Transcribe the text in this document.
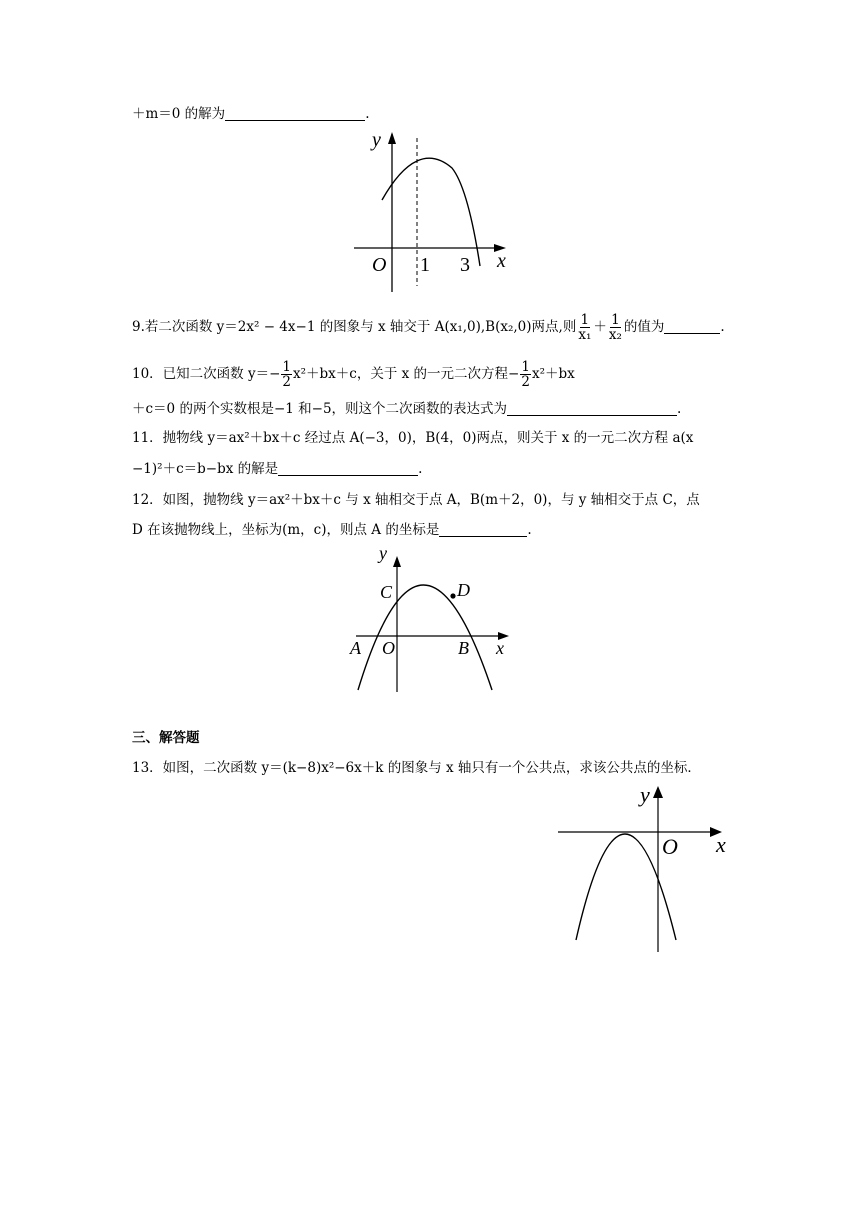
＋m＝0 的解为	.
y
x
O 1 3
9.若二次函数 y＝2x² − 4x−1 的图象与 x 轴交于 A(x₁,0),B(x₂,0)两点,则 $\frac{1}{\text{x₁}} + \frac{1}{\text{x₂}}$ 的值为	.
10．已知二次函数 $y=- \frac{1}{2} x^2+bx+c$，关于 x 的一元二次方程− $\frac{1}{2} x^2+bx$
＋c＝0 的两个实数根是−1 和−5，则这个二次函数的表达式为	.
11．抛物线 y＝ax²＋bx＋c 经过点 A(−3，0)，B(4，0)两点，则关于 x 的一元二次方程 a(x
−1)²＋c＝b−bx 的解是	.
12．如图，抛物线 y＝ax²＋bx＋c 与 x 轴相交于点 A，B(m＋2，0)，与 y 轴相交于点 C，点
D 在该抛物线上，坐标为(m，c)，则点 A 的坐标是	.
y
x
C	D
A O	B
三、解答题
13．如图，二次函数 y＝(k−8)x²−6x＋k 的图象与 x 轴只有一个公共点，求该公共点的坐标．
y
x
O
